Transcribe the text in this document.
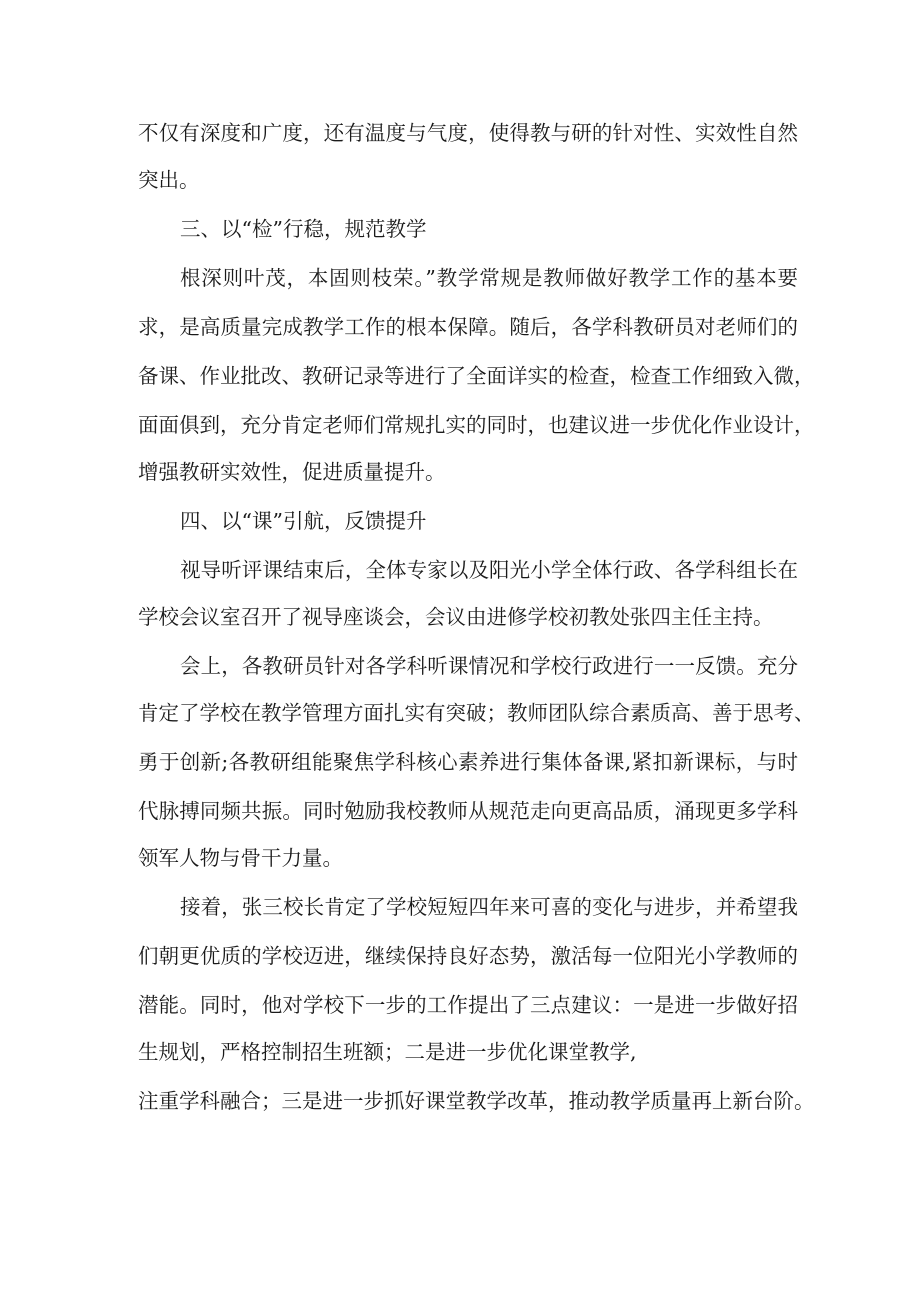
不仅有深度和广度，还有温度与气度，使得教与研的针对性、实效性自然
突出。
三、以“检”行稳，规范教学
根深则叶茂，本固则枝荣。”教学常规是教师做好教学工作的基本要
求，是高质量完成教学工作的根本保障。随后，各学科教研员对老师们的
备课、作业批改、教研记录等进行了全面详实的检查，检查工作细致入微，
面面俱到，充分肯定老师们常规扎实的同时，也建议进一步优化作业设计，
增强教研实效性，促进质量提升。
四、以“课”引航，反馈提升
视导听评课结束后，全体专家以及阳光小学全体行政、各学科组长在
学校会议室召开了视导座谈会，会议由进修学校初教处张四主任主持。
会上，各教研员针对各学科听课情况和学校行政进行一一反馈。充分
肯定了学校在教学管理方面扎实有突破；教师团队综合素质高、善于思考、
勇于创新;各教研组能聚焦学科核心素养进行集体备课,紧扣新课标，与时
代脉搏同频共振。同时勉励我校教师从规范走向更高品质，涌现更多学科
领军人物与骨干力量。
接着，张三校长肯定了学校短短四年来可喜的变化与进步，并希望我
们朝更优质的学校迈进，继续保持良好态势，激活每一位阳光小学教师的
潜能。同时，他对学校下一步的工作提出了三点建议：一是进一步做好招
生规划，严格控制招生班额；二是进一步优化课堂教学,
注重学科融合；三是进一步抓好课堂教学改革，推动教学质量再上新台阶。
